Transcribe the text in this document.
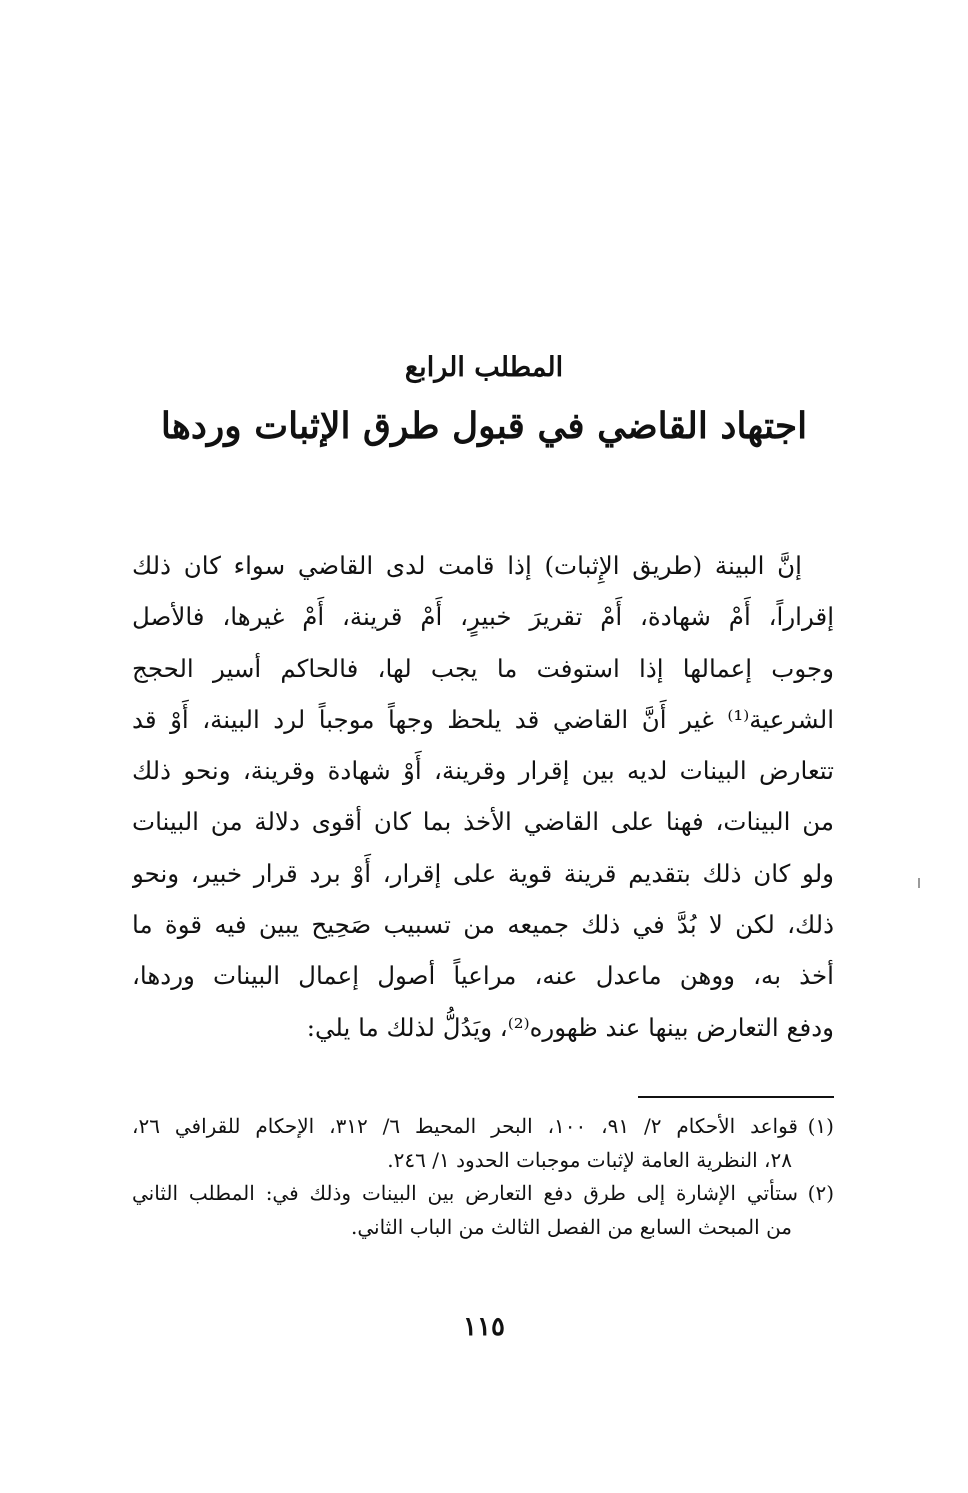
المطلب الرابع
اجتهاد القاضي في قبول طرق الإثبات وردها
إنَّ البينة (طريق الإِثبات) إذا قامت لدى القاضي سواء كان ذلك
إقراراً، أَمْ شهادة، أَمْ تقريرَ خبيرٍ، أَمْ قرينة، أَمْ غيرها، فالأصل
وجوب إعمالها إذا استوفت ما يجب لها، فالحاكم أسير الحجج
الشرعية⁽¹⁾ غير أَنَّ القاضي قد يلحظ وجهاً موجباً لرد البينة، أَوْ قد
تتعارض البينات لديه بين إقرار وقرينة، أَوْ شهادة وقرينة، ونحو ذلك
من البينات، فهنا على القاضي الأخذ بما كان أقوى دلالة من البينات
ولو كان ذلك بتقديم قرينة قوية على إقرار، أَوْ برد قرار خبير، ونحو
ذلك، لكن لا بُدَّ في ذلك جميعه من تسبيب صَحِيح يبين فيه قوة ما
أخذ به، ووهن ماعدل عنه، مراعياً أصول إعمال البينات وردها،
ودفع التعارض بينها عند ظهوره⁽²⁾، ويَدُلُّ لذلك ما يلي:
(١)قواعد الأحكام ٢/ ٩١، ١٠٠، البحر المحيط ٦/ ٣١٢، الإحكام للقرافي ٢٦،
٢٨، النظرية العامة لإثبات موجبات الحدود ١/ ٢٤٦.
(٢)ستأتي الإشارة إلى طرق دفع التعارض بين البينات وذلك في: المطلب الثاني
من المبحث السابع من الفصل الثالث من الباب الثاني.
١١٥
